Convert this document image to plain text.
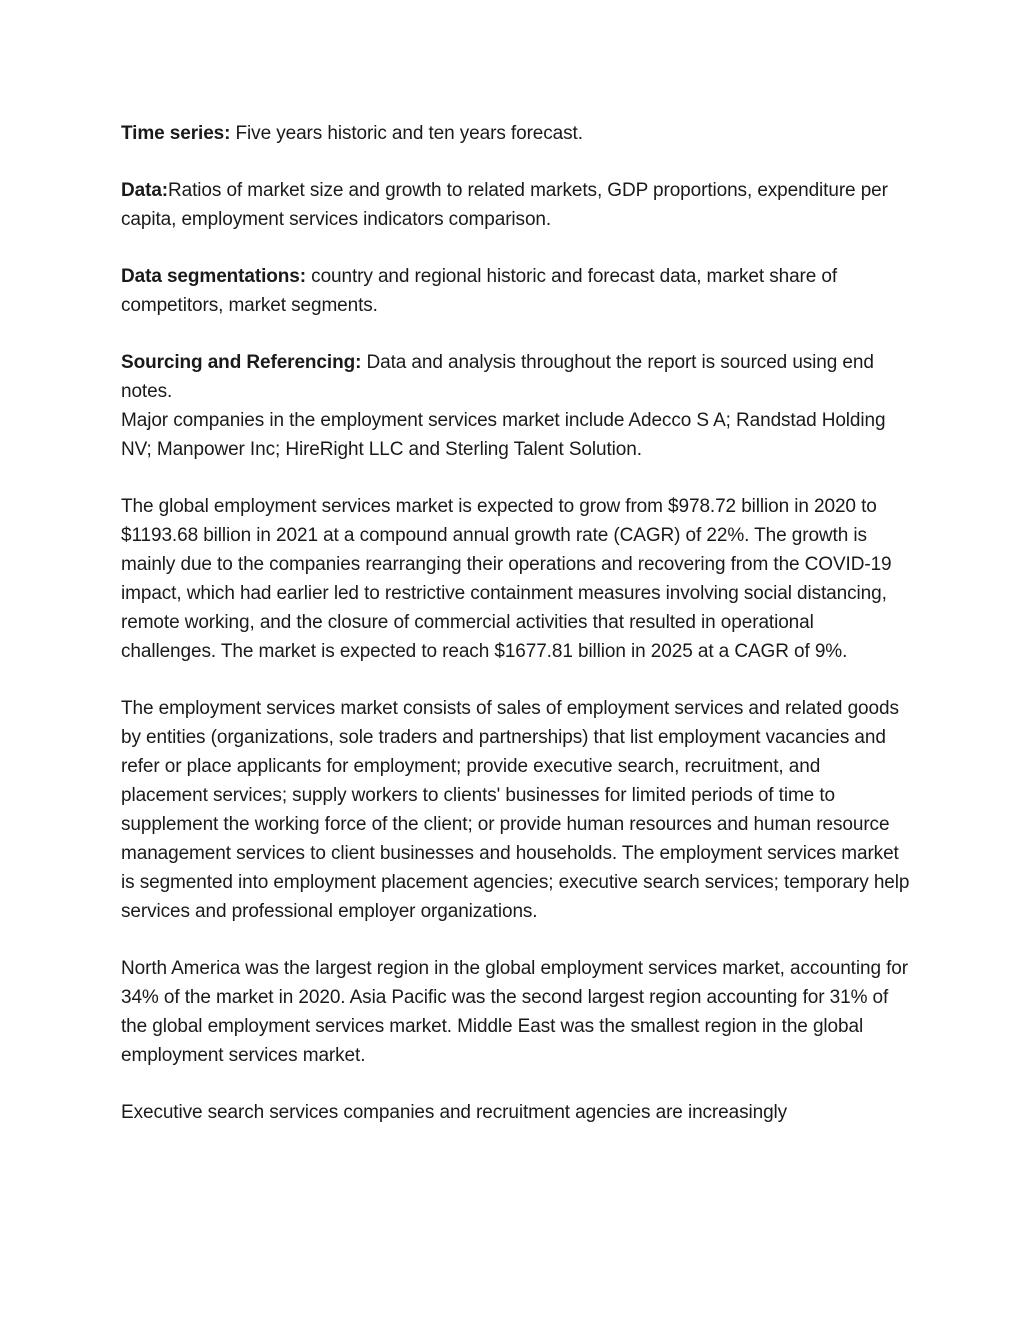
Time series: Five years historic and ten years forecast.

Data:Ratios of market size and growth to related markets, GDP proportions, expenditure per capita, employment services indicators comparison.

Data segmentations: country and regional historic and forecast data, market share of competitors, market segments.

Sourcing and Referencing: Data and analysis throughout the report is sourced using end notes.

Major companies in the employment services market include Adecco S A; Randstad Holding NV; Manpower Inc; HireRight LLC and Sterling Talent Solution.

The global employment services market is expected to grow from $978.72 billion in 2020 to $1193.68 billion in 2021 at a compound annual growth rate (CAGR) of 22%. The growth is mainly due to the companies rearranging their operations and recovering from the COVID-19 impact, which had earlier led to restrictive containment measures involving social distancing, remote working, and the closure of commercial activities that resulted in operational challenges. The market is expected to reach $1677.81 billion in 2025 at a CAGR of 9%.

The employment services market consists of sales of employment services and related goods by entities (organizations, sole traders and partnerships) that list employment vacancies and refer or place applicants for employment; provide executive search, recruitment, and placement services; supply workers to clients' businesses for limited periods of time to supplement the working force of the client; or provide human resources and human resource management services to client businesses and households. The employment services market is segmented into employment placement agencies; executive search services; temporary help services and professional employer organizations.

North America was the largest region in the global employment services market, accounting for 34% of the market in 2020. Asia Pacific was the second largest region accounting for 31% of the global employment services market. Middle East was the smallest region in the global employment services market.

Executive search services companies and recruitment agencies are increasingly
